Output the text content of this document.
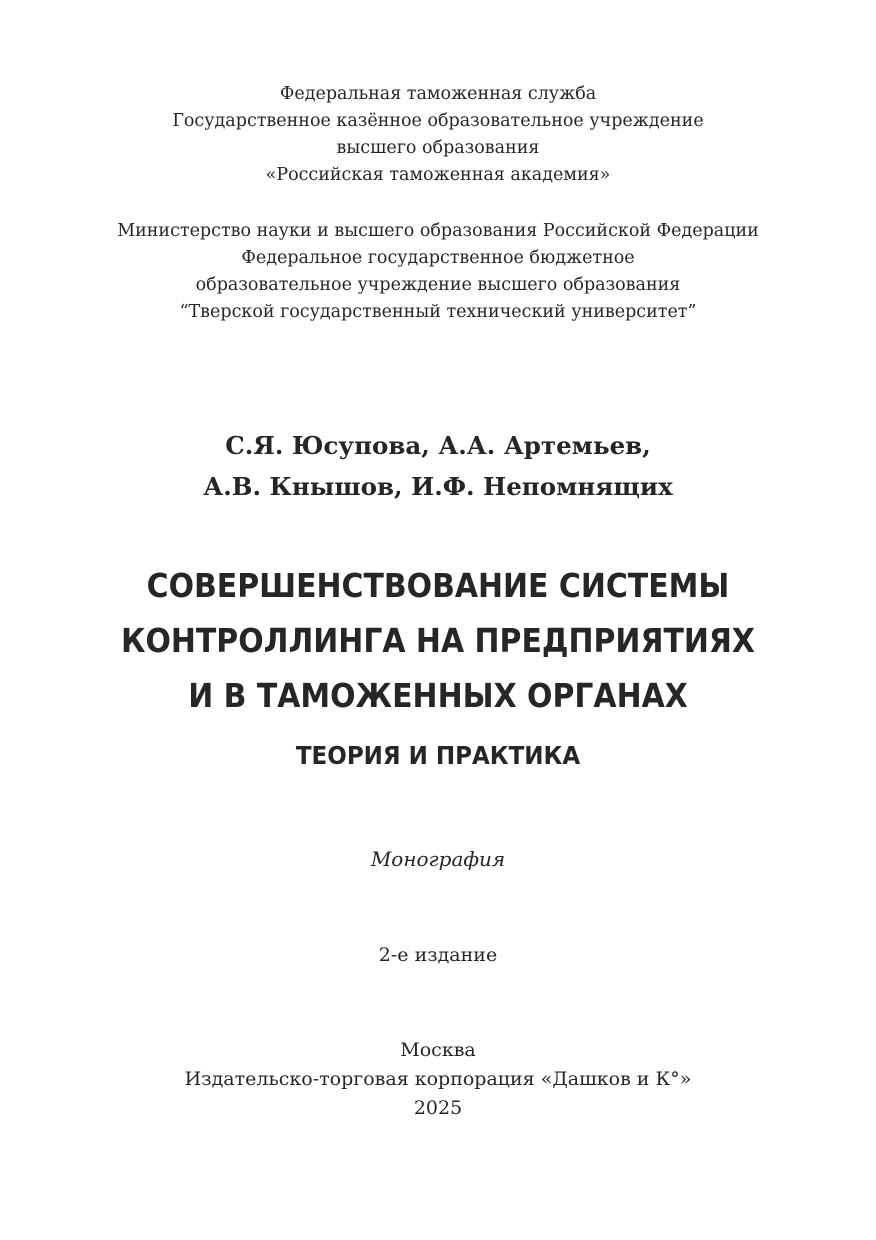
Федеральная таможенная служба
Государственное казённое образовательное учреждение
высшего образования
«Российская таможенная академия»
Министерство науки и высшего образования Российской Федерации
Федеральное государственное бюджетное
образовательное учреждение высшего образования
“Тверской государственный технический университет”
С.Я. Юсупова, А.А. Артемьев,
А.В. Кнышов, И.Ф. Непомнящих
СОВЕРШЕНСТВОВАНИЕ СИСТЕМЫ
КОНТРОЛЛИНГА НА ПРЕДПРИЯТИЯХ
И В ТАМОЖЕННЫХ ОРГАНАХ
ТЕОРИЯ И ПРАКТИКА
Монография
2-е издание
Москва
Издательско-торговая корпорация «Дашков и К°»
2025
